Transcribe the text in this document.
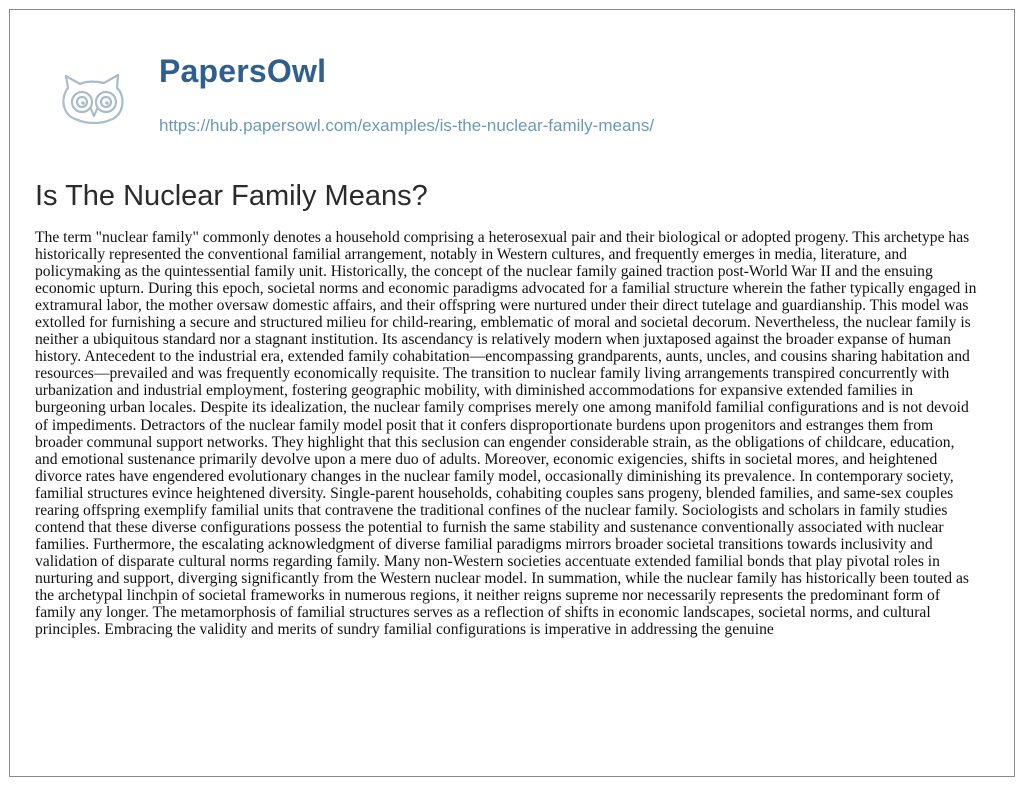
PapersOwl
https://hub.papersowl.com/examples/is-the-nuclear-family-means/
Is The Nuclear Family Means?

The term "nuclear family" commonly denotes a household comprising a heterosexual pair and their biological or adopted progeny. This archetype has historically represented the conventional familial arrangement, notably in Western cultures, and frequently emerges in media, literature, and policymaking as the quintessential family unit. Historically, the concept of the nuclear family gained traction post-World War II and the ensuing economic upturn. During this epoch, societal norms and economic paradigms advocated for a familial structure wherein the father typically engaged in extramural labor, the mother oversaw domestic affairs, and their offspring were nurtured under their direct tutelage and guardianship. This model was extolled for furnishing a secure and structured milieu for child-rearing, emblematic of moral and societal decorum. Nevertheless, the nuclear family is neither a ubiquitous standard nor a stagnant institution. Its ascendancy is relatively modern when juxtaposed against the broader expanse of human history. Antecedent to the industrial era, extended family cohabitation—encompassing grandparents, aunts, uncles, and cousins sharing habitation and resources—prevailed and was frequently economically requisite. The transition to nuclear family living arrangements transpired concurrently with urbanization and industrial employment, fostering geographic mobility, with diminished accommodations for expansive extended families in burgeoning urban locales. Despite its idealization, the nuclear family comprises merely one among manifold familial configurations and is not devoid of impediments. Detractors of the nuclear family model posit that it confers disproportionate burdens upon progenitors and estranges them from broader communal support networks. They highlight that this seclusion can engender considerable strain, as the obligations of childcare, education, and emotional sustenance primarily devolve upon a mere duo of adults. Moreover, economic exigencies, shifts in societal mores, and heightened divorce rates have engendered evolutionary changes in the nuclear family model, occasionally diminishing its prevalence. In contemporary society, familial structures evince heightened diversity. Single-parent households, cohabiting couples sans progeny, blended families, and same-sex couples rearing offspring exemplify familial units that contravene the traditional confines of the nuclear family. Sociologists and scholars in family studies contend that these diverse configurations possess the potential to furnish the same stability and sustenance conventionally associated with nuclear families. Furthermore, the escalating acknowledgment of diverse familial paradigms mirrors broader societal transitions towards inclusivity and validation of disparate cultural norms regarding family. Many non-Western societies accentuate extended familial bonds that play pivotal roles in nurturing and support, diverging significantly from the Western nuclear model. In summation, while the nuclear family has historically been touted as the archetypal linchpin of societal frameworks in numerous regions, it neither reigns supreme nor necessarily represents the predominant form of family any longer. The metamorphosis of familial structures serves as a reflection of shifts in economic landscapes, societal norms, and cultural principles. Embracing the validity and merits of sundry familial configurations is imperative in addressing the genuine
